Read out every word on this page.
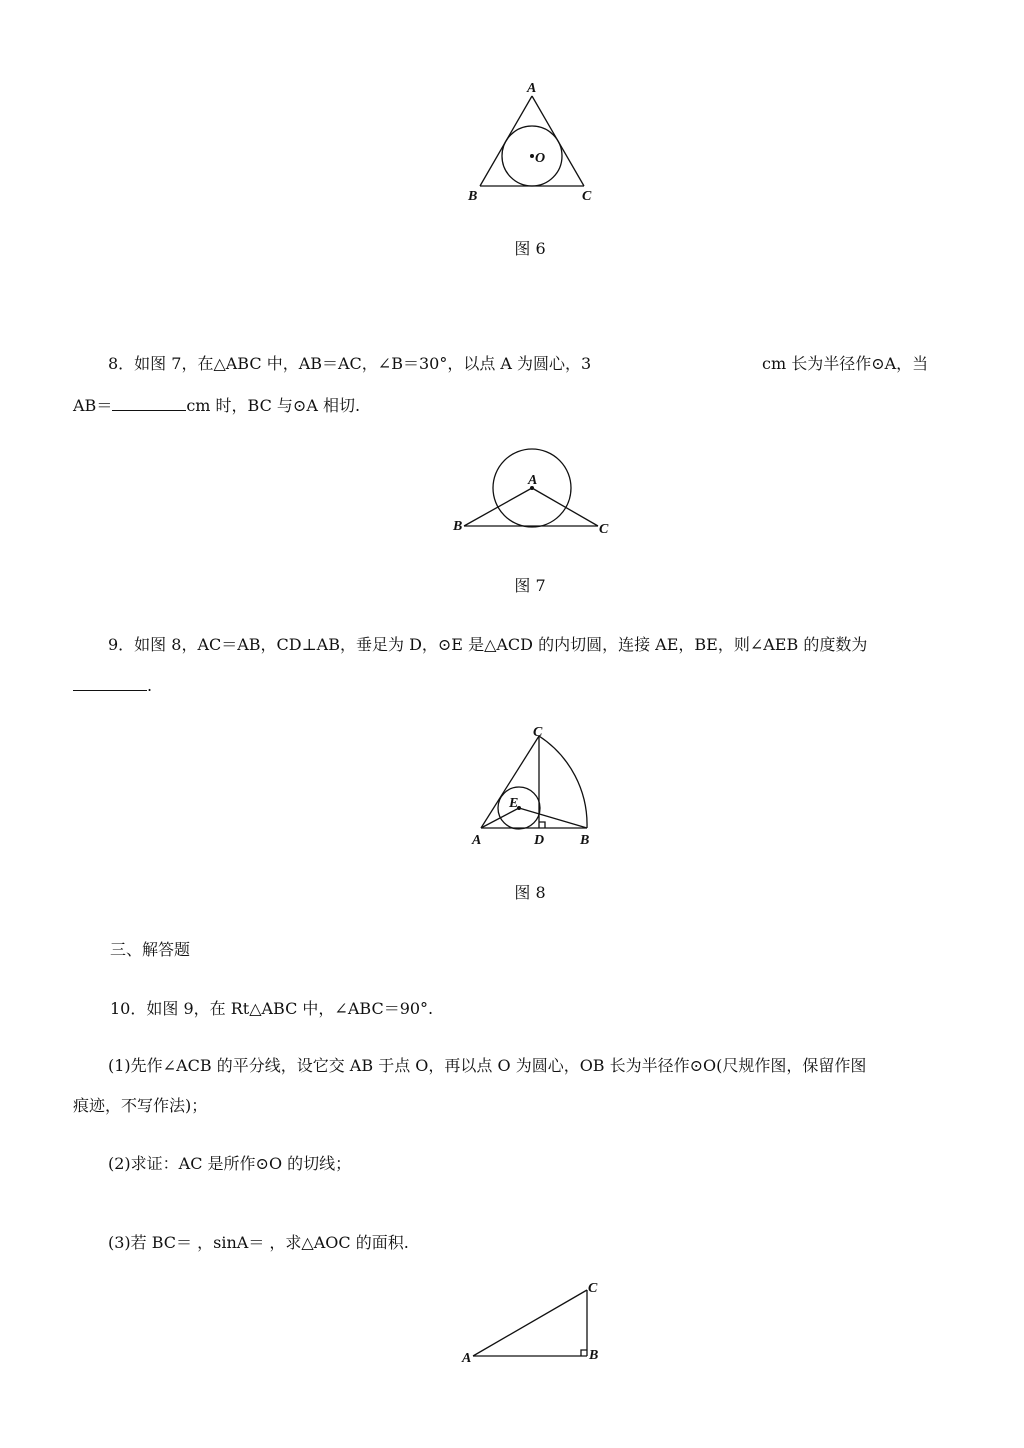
A
B	C
O
图 6
8．如图 7，在△ABC 中，AB＝AC，∠B＝30°，以点 A 为圆心，3	cm 长为半径作⊙A，当
AB＝	cm 时，BC 与⊙A 相切.
A
B	C
图 7
9．如图 8，AC＝AB，CD⊥AB，垂足为 D，⊙E 是△ACD 的内切圆，连接 AE，BE，则∠AEB 的度数为
.
C
E
A	D	B
图 8
三、解答题
10．如图 9，在 Rt△ABC 中，∠ABC＝90°.
(1)先作∠ACB 的平分线，设它交 AB 于点 O，再以点 O 为圆心，OB 长为半径作⊙O(尺规作图，保留作图
痕迹，不写作法)；
(2)求证：AC 是所作⊙O 的切线；
(3)若 BC＝ ，sinA＝ ，求△AOC 的面积.
A	B
C
